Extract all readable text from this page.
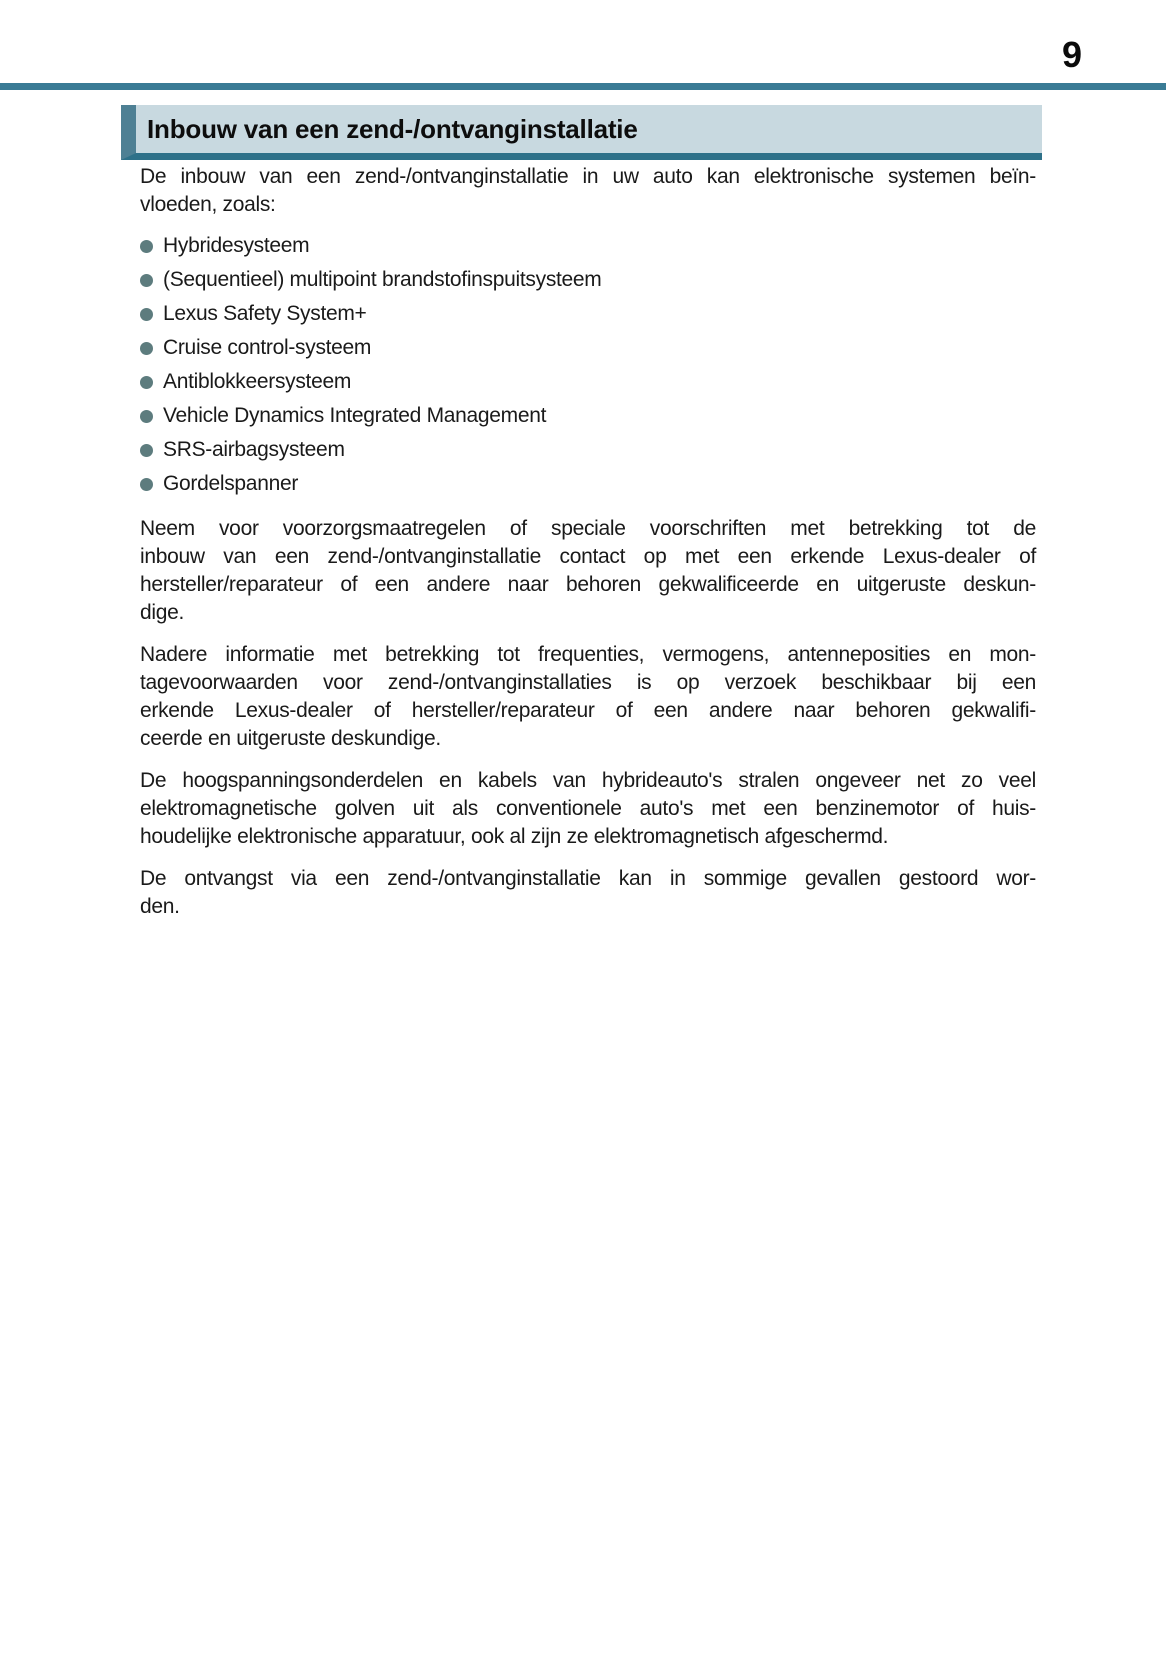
9
Inbouw van een zend-/ontvanginstallatie
De inbouw van een zend-/ontvanginstallatie in uw auto kan elektronische systemen beïn-
vloeden, zoals:
Hybridesysteem
(Sequentieel) multipoint brandstofinspuitsysteem
Lexus Safety System+
Cruise control-systeem
Antiblokkeersysteem
Vehicle Dynamics Integrated Management
SRS-airbagsysteem
Gordelspanner
Neem voor voorzorgsmaatregelen of speciale voorschriften met betrekking tot de
inbouw van een zend-/ontvanginstallatie contact op met een erkende Lexus-dealer of
hersteller/reparateur of een andere naar behoren gekwalificeerde en uitgeruste deskun-
dige.
Nadere informatie met betrekking tot frequenties, vermogens, antenneposities en mon-
tagevoorwaarden voor zend-/ontvanginstallaties is op verzoek beschikbaar bij een
erkende Lexus-dealer of hersteller/reparateur of een andere naar behoren gekwalifi-
ceerde en uitgeruste deskundige.
De hoogspanningsonderdelen en kabels van hybrideauto's stralen ongeveer net zo veel
elektromagnetische golven uit als conventionele auto's met een benzinemotor of huis-
houdelijke elektronische apparatuur, ook al zijn ze elektromagnetisch afgeschermd.
De ontvangst via een zend-/ontvanginstallatie kan in sommige gevallen gestoord wor-
den.
